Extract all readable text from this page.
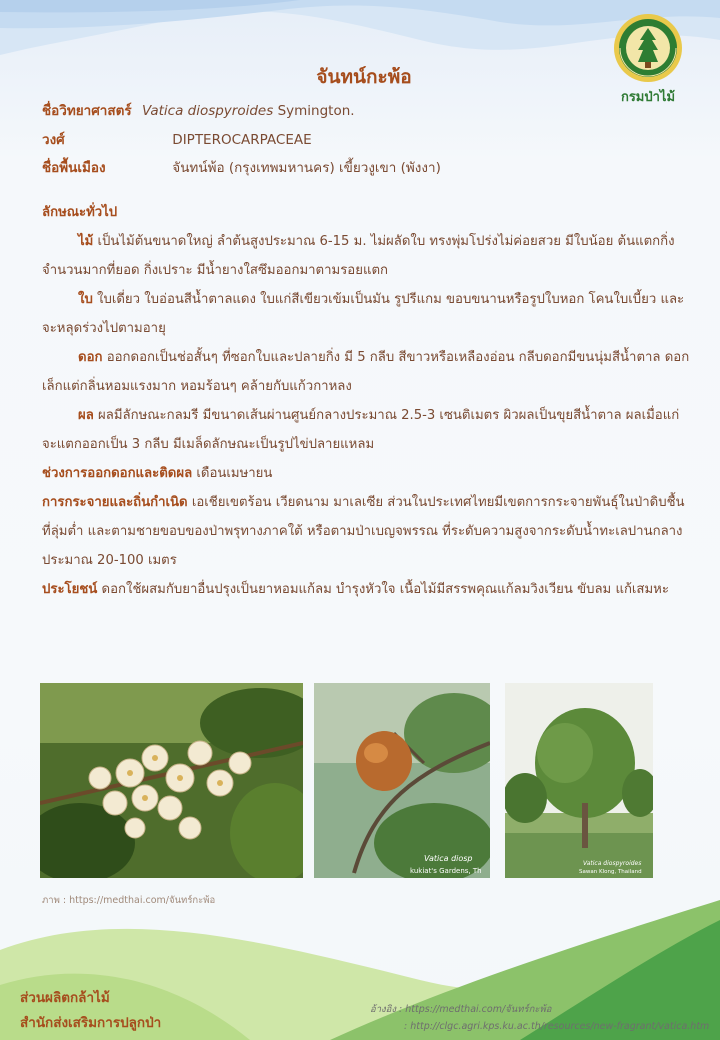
กรมป่าไม้
จันทน์กะพ้อ
ชื่อวิทยาศาสตร์ Vatica diospyroides Symington.
วงศ์	DIPTEROCARPACEAE
ชื่อพื้นเมือง	จันทน์พ้อ (กรุงเทพมหานคร) เขี้ยวงูเขา (พังงา)
ลักษณะทั่วไป
ไม้ เป็นไม้ต้นขนาดใหญ่ ลำต้นสูงประมาณ 6-15 ม. ไม่ผลัดใบ ทรงพุ่มโปร่งไม่ค่อยสวย มีใบน้อย ต้นแตกกิ่งจำนวนมากที่ยอด กิ่งเปราะ มีน้ำยางใสซึมออกมาตามรอยแตก
ใบ ใบเดี่ยว ใบอ่อนสีน้ำตาลแดง ใบแก่สีเขียวเข้มเป็นมัน รูปรีแกม ขอบขนานหรือรูปใบหอก โคนใบเบี้ยว และจะหลุดร่วงไปตามอายุ
ดอก ออกดอกเป็นช่อสั้นๆ ที่ซอกใบและปลายกิ่ง มี 5 กลีบ สีขาวหรือเหลืองอ่อน กลีบดอกมีขนนุ่มสีน้ำตาล ดอกเล็กแต่กลิ่นหอมแรงมาก หอมร้อนๆ คล้ายกับแก้วกาหลง
ผล ผลมีลักษณะกลมรี มีขนาดเส้นผ่านศูนย์กลางประมาณ 2.5-3 เซนติเมตร ผิวผลเป็นขุยสีน้ำตาล ผลเมื่อแก่จะแตกออกเป็น 3 กลีบ มีเมล็ดลักษณะเป็นรูปไข่ปลายแหลม
ช่วงการออกดอกและติดผล เดือนเมษายน
การกระจายและถิ่นกำเนิด เอเชียเขตร้อน เวียดนาม มาเลเซีย ส่วนในประเทศไทยมีเขตการกระจายพันธุ์ในป่าดิบชื้นที่ลุ่มต่ำ และตามชายขอบของป่าพรุทางภาคใต้ หรือตามป่าเบญจพรรณ ที่ระดับความสูงจากระดับน้ำทะเลปานกลางประมาณ 20-100 เมตร
ประโยชน์ ดอกใช้ผสมกับยาอื่นปรุงเป็นยาหอมแก้ลม บำรุงหัวใจ เนื้อไม้มีสรรพคุณแก้ลมวิงเวียน ขับลม แก้เสมหะ
Vatica diosp
kukiat's Gardens, Th
Vatica diospyroides
Sawan Klong, Thailand
ภาพ : https://medthai.com/จันทร์กะพ้อ
ส่วนผลิตกล้าไม้
สำนักส่งเสริมการปลูกป่า
อ้างอิง : https://medthai.com/จันทร์กะพ้อ
: http://clgc.agri.kps.ku.ac.th/resources/new-fragrant/vatica.htm
